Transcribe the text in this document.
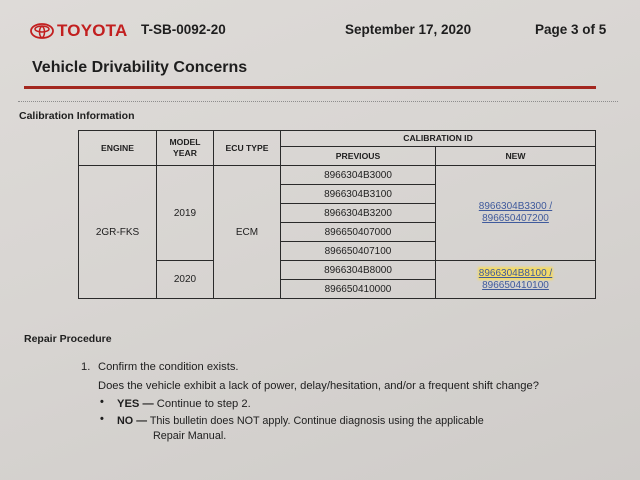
TOYOTA T-SB-0092-20	September 17, 2020	Page 3 of 5
Vehicle Drivability Concerns
Calibration Information
ENGINE	MODEL YEAR	ECU TYPE	CALIBRATION ID	
			PREVIOUS	NEW
2GR-FKS	2019	ECM	8966304B3000	8966304B3300 /
896650407200
			8966304B3100	
			8966304B3200	
			896650407000	
			896650407100	
	2020		8966304B8000	8966304B8100 /
896650410100
			896650410000	
Repair Procedure
1. Confirm the condition exists.
Does the vehicle exhibit a lack of power, delay/hesitation, and/or a frequent shift change?
• YES — Continue to step 2.
• NO — This bulletin does NOT apply. Continue diagnosis using the applicable
Repair Manual.
